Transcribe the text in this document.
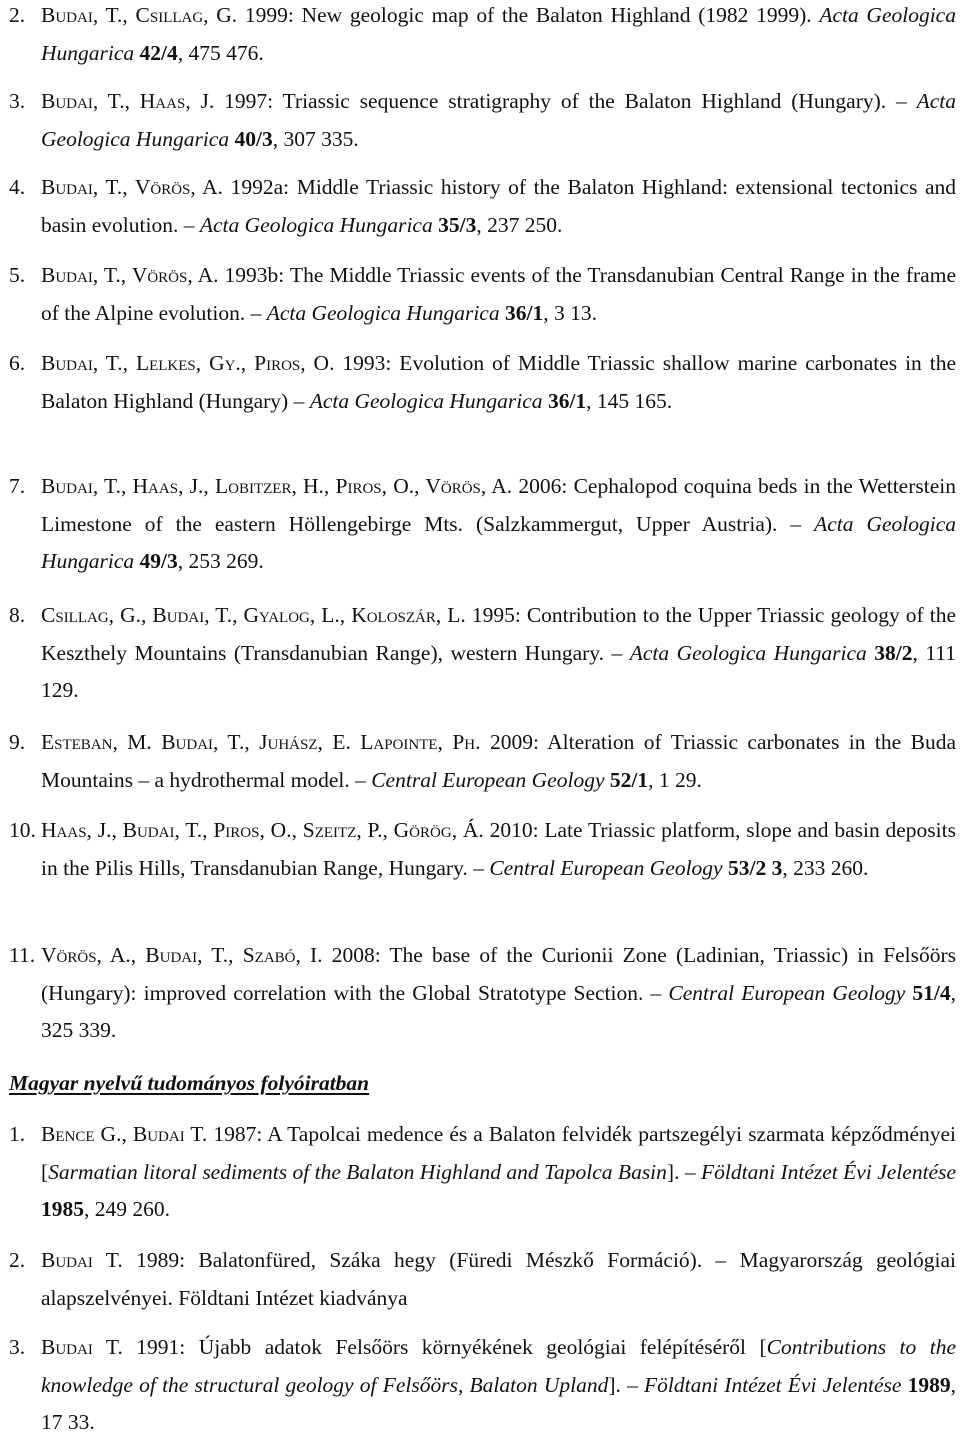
2. Budai, T., Csillag, G. 1999: New geologic map of the Balaton Highland (1982 1999). Acta Geologica Hungarica 42/4, 475 476.
3. Budai, T., Haas, J. 1997: Triassic sequence stratigraphy of the Balaton Highland (Hungary). – Acta Geologica Hungarica 40/3, 307 335.
4. Budai, T., Vörös, A. 1992a: Middle Triassic history of the Balaton Highland: extensional tectonics and basin evolution. – Acta Geologica Hungarica 35/3, 237 250.
5. Budai, T., Vörös, A. 1993b: The Middle Triassic events of the Transdanubian Central Range in the frame of the Alpine evolution. – Acta Geologica Hungarica 36/1, 3 13.
6. Budai, T., Lelkes, Gy., Piros, O. 1993: Evolution of Middle Triassic shallow marine carbonates in the Balaton Highland (Hungary) – Acta Geologica Hungarica 36/1, 145 165.
7. Budai, T., Haas, J., Lobitzer, H., Piros, O., Vörös, A. 2006: Cephalopod coquina beds in the Wetterstein Limestone of the eastern Höllengebirge Mts. (Salzkammergut, Upper Austria). – Acta Geologica Hungarica 49/3, 253 269.
8. Csillag, G., Budai, T., Gyalog, L., Koloszár, L. 1995: Contribution to the Upper Triassic geology of the Keszthely Mountains (Transdanubian Range), western Hungary. – Acta Geologica Hungarica 38/2, 111 129.
9. Esteban, M. Budai, T., Juhász, E. Lapointe, Ph. 2009: Alteration of Triassic carbonates in the Buda Mountains – a hydrothermal model. – Central European Geology 52/1, 1 29.
10. Haas, J., Budai, T., Piros, O., Szeitz, P., Görög, Á. 2010: Late Triassic platform, slope and basin deposits in the Pilis Hills, Transdanubian Range, Hungary. – Central European Geology 53/2 3, 233 260.
11. Vörös, A., Budai, T., Szabó, I. 2008: The base of the Curionii Zone (Ladinian, Triassic) in Felsőörs (Hungary): improved correlation with the Global Stratotype Section. – Central European Geology 51/4, 325 339.
Magyar nyelvű tudományos folyóiratban
1. Bence G., Budai T. 1987: A Tapolcai medence és a Balaton felvidék partszegélyi szarmata képződményei [Sarmatian litoral sediments of the Balaton Highland and Tapolca Basin]. – Földtani Intézet Évi Jelentése 1985, 249 260.
2. Budai T. 1989: Balatonfüred, Száka hegy (Füredi Mészkő Formáció). – Magyarország geológiai alapszelvényei. Földtani Intézet kiadványa
3. Budai T. 1991: Újabb adatok Felsőörs környékének geológiai felépítéséről [Contributions to the knowledge of the structural geology of Felsőörs, Balaton Upland]. – Földtani Intézet Évi Jelentése 1989, 17 33.
